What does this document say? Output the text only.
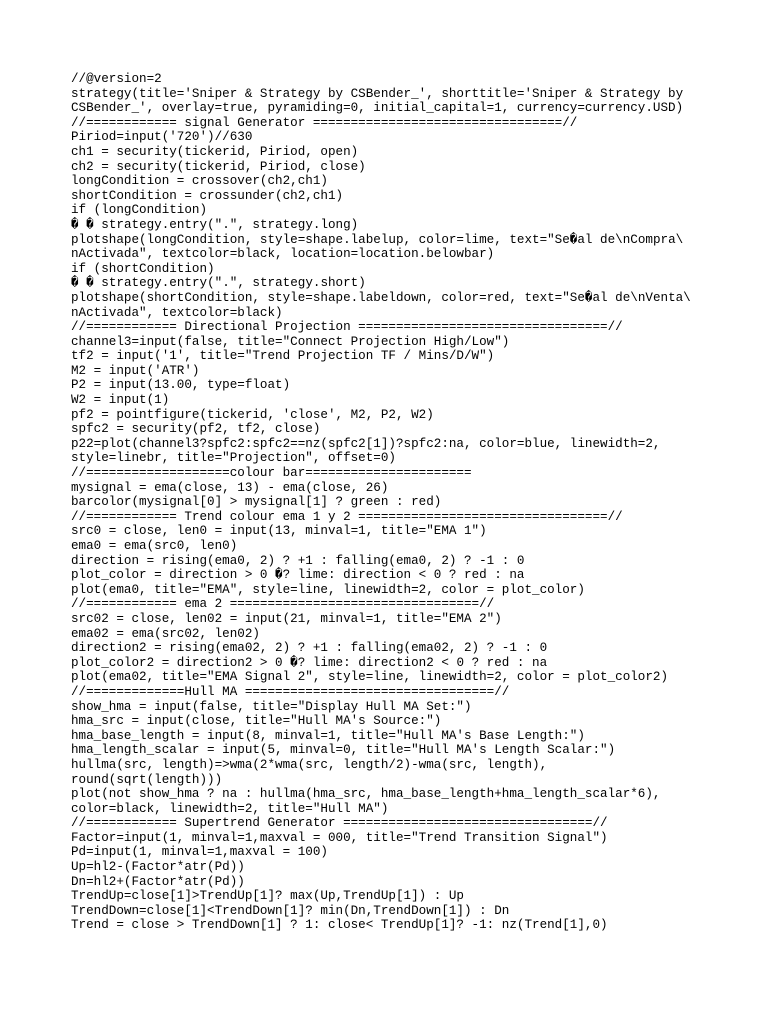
//@version=2
strategy(title='Sniper & Strategy by CSBender_', shorttitle='Sniper & Strategy by
CSBender_', overlay=true, pyramiding=0, initial_capital=1, currency=currency.USD)
//============ signal Generator =================================//
Piriod=input('720')//630
ch1 = security(tickerid, Piriod, open)
ch2 = security(tickerid, Piriod, close)
longCondition = crossover(ch2,ch1)
shortCondition = crossunder(ch2,ch1)
if (longCondition)
� � strategy.entry(".", strategy.long)
plotshape(longCondition, style=shape.labelup, color=lime, text="Se�al de\nCompra\
nActivada", textcolor=black, location=location.belowbar)
if (shortCondition)
� � strategy.entry(".", strategy.short)
plotshape(shortCondition, style=shape.labeldown, color=red, text="Se�al de\nVenta\
nActivada", textcolor=black)
//============ Directional Projection =================================//
channel3=input(false, title="Connect Projection High/Low")
tf2 = input('1', title="Trend Projection TF / Mins/D/W")
M2 = input('ATR')
P2 = input(13.00, type=float)
W2 = input(1)
pf2 = pointfigure(tickerid, 'close', M2, P2, W2)
spfc2 = security(pf2, tf2, close)
p22=plot(channel3?spfc2:spfc2==nz(spfc2[1])?spfc2:na, color=blue, linewidth=2,
style=linebr, title="Projection", offset=0)
//===================colour bar======================
mysignal = ema(close, 13) - ema(close, 26)
barcolor(mysignal[0] > mysignal[1] ? green : red)
//============ Trend colour ema 1 y 2 =================================//
src0 = close, len0 = input(13, minval=1, title="EMA 1")
ema0 = ema(src0, len0)
direction = rising(ema0, 2) ? +1 : falling(ema0, 2) ? -1 : 0
plot_color = direction > 0 �? lime: direction < 0 ? red : na
plot(ema0, title="EMA", style=line, linewidth=2, color = plot_color)
//============ ema 2 =================================//
src02 = close, len02 = input(21, minval=1, title="EMA 2")
ema02 = ema(src02, len02)
direction2 = rising(ema02, 2) ? +1 : falling(ema02, 2) ? -1 : 0
plot_color2 = direction2 > 0 �? lime: direction2 < 0 ? red : na
plot(ema02, title="EMA Signal 2", style=line, linewidth=2, color = plot_color2)
//=============Hull MA =================================//
show_hma = input(false, title="Display Hull MA Set:")
hma_src = input(close, title="Hull MA's Source:")
hma_base_length = input(8, minval=1, title="Hull MA's Base Length:")
hma_length_scalar = input(5, minval=0, title="Hull MA's Length Scalar:")
hullma(src, length)=>wma(2*wma(src, length/2)-wma(src, length),
round(sqrt(length)))
plot(not show_hma ? na : hullma(hma_src, hma_base_length+hma_length_scalar*6),
color=black, linewidth=2, title="Hull MA")
//============ Supertrend Generator =================================//
Factor=input(1, minval=1,maxval = 000, title="Trend Transition Signal")
Pd=input(1, minval=1,maxval = 100)
Up=hl2-(Factor*atr(Pd))
Dn=hl2+(Factor*atr(Pd))
TrendUp=close[1]>TrendUp[1]? max(Up,TrendUp[1]) : Up
TrendDown=close[1]<TrendDown[1]? min(Dn,TrendDown[1]) : Dn
Trend = close > TrendDown[1] ? 1: close< TrendUp[1]? -1: nz(Trend[1],0)
